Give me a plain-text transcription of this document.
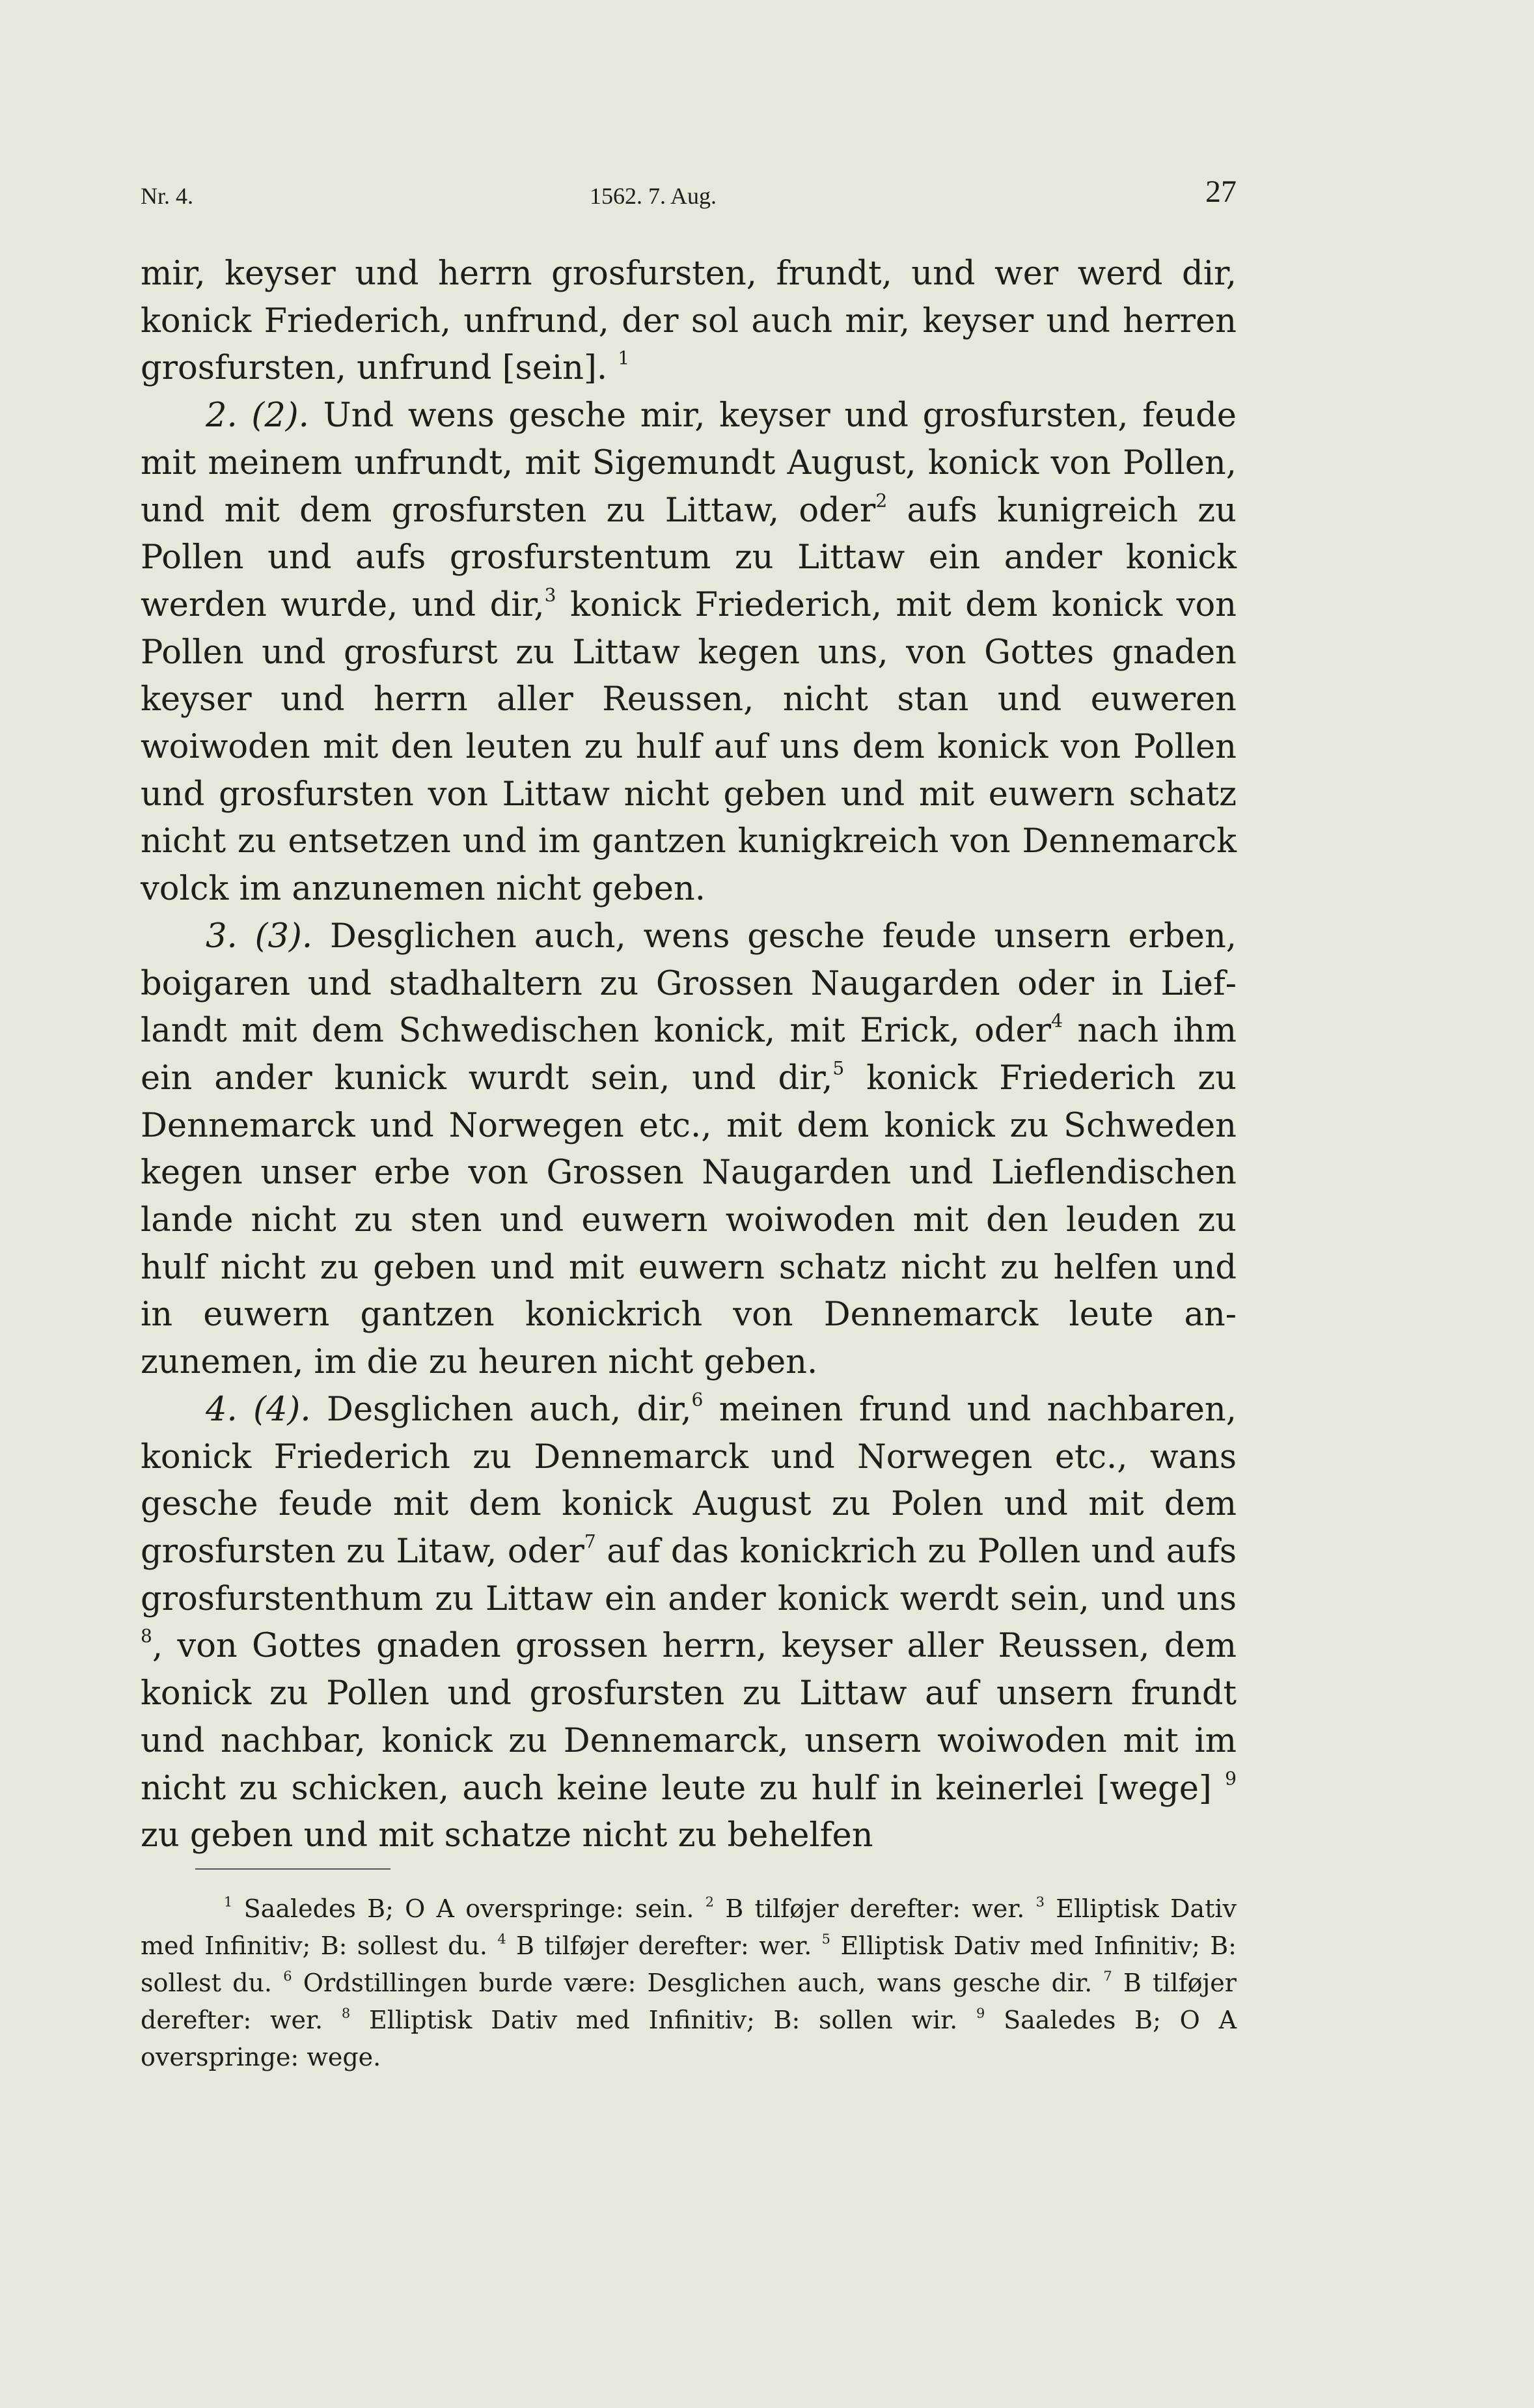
Nr. 4.	1562. 7. Aug.	27

mir, keyser und herrn grosfursten, frundt, und wer werd dir, konick Friederich, unfrund, der sol auch mir, keyser und herren grosfursten, unfrund [sein]. $^1$

2. (2). Und wens gesche mir, keyser und grosfursten, feude mit meinem unfrundt, mit Sigemundt August, konick von Pollen, und mit dem grosfursten zu Littaw, oder$^2$ aufs kunigreich zu Pollen und aufs grosfurstentum zu Littaw ein ander konick werden wurde, und dir,$^3$ konick Friederich, mit dem konick von Pollen und grosfurst zu Littaw kegen uns, von Gottes gnaden keyser und herrn aller Reussen, nicht stan und euweren woiwoden mit den leuten zu hulf auf uns dem konick von Pollen und grosfursten von Littaw nicht geben und mit euwern schatz nicht zu entsetzen und im gantzen kunigkreich von Dennemarck volck im anzunemen nicht geben.

3. (3). Desglichen auch, wens gesche feude unsern erben, boigaren und stadhaltern zu Grossen Naugarden oder in Lieflandt mit dem Schwedischen konick, mit Erick, oder$^4$ nach ihm ein ander kunick wurdt sein, und dir,$^5$ konick Friederich zu Dennemarck und Norwegen etc., mit dem konick zu Schweden kegen unser erbe von Grossen Naugarden und Lieflendischen lande nicht zu sten und euwern woiwoden mit den leuden zu hulf nicht zu geben und mit euwern schatz nicht zu helfen und in euwern gantzen konickrich von Dennemarck leute anzunemen, im die zu heuren nicht geben.

4. (4). Desglichen auch, dir,$^6$ meinen frund und nachbaren, konick Friederich zu Dennemarck und Norwegen etc., wans gesche feude mit dem konick August zu Polen und mit dem grosfursten zu Litaw, oder$^7$ auf das konickrich zu Pollen und aufs grosfurstenthum zu Littaw ein ander konick werdt sein, und uns $^8$, von Gottes gnaden grossen herrn, keyser aller Reussen, dem konick zu Pollen und grosfursten zu Littaw auf unsern frundt und nachbar, konick zu Dennemarck, unsern woiwoden mit im nicht zu schicken, auch keine leute zu hulf in keinerlei [wege] $^9$ zu geben und mit schatze nicht zu behelfen

$^1$ Saaledes B; O A overspringe: sein. $^2$ B tilføjer derefter: wer. $^3$ Elliptisk Dativ med Infinitiv; B: sollest du. $^4$ B tilføjer derefter: wer. $^5$ Elliptisk Dativ med Infinitiv; B: sollest du. $^6$ Ordstillingen burde være: Desglichen auch, wans gesche dir. $^7$ B tilføjer derefter: wer. $^8$ Elliptisk Dativ med Infinitiv; B: sollen wir. $^9$ Saaledes B; O A overspringe: wege.
